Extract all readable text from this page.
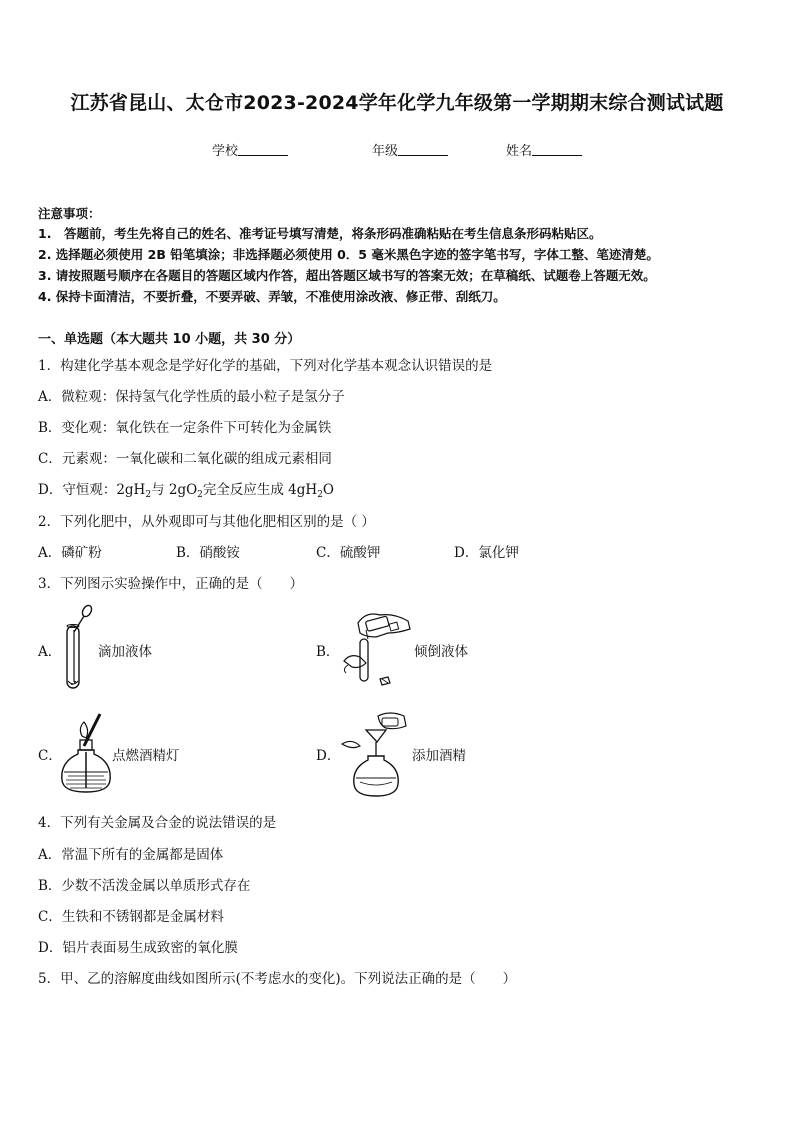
江苏省昆山、太仓市2023-2024学年化学九年级第一学期期末综合测试试题
学校	年级	姓名
注意事项：
1.　答题前，考生先将自己的姓名、准考证号填写清楚，将条形码准确粘贴在考生信息条形码粘贴区。
2. 选择题必须使用 2B 铅笔填涂；非选择题必须使用 0．5 毫米黑色字迹的签字笔书写，字体工整、笔迹清楚。
3. 请按照题号顺序在各题目的答题区域内作答，超出答题区域书写的答案无效；在草稿纸、试题卷上答题无效。
4. 保持卡面清洁，不要折叠，不要弄破、弄皱，不准使用涂改液、修正带、刮纸刀。
一、单选题（本大题共 10 小题，共 30 分）
1．构建化学基本观念是学好化学的基础，下列对化学基本观念认识错误的是
A．微粒观：保持氢气化学性质的最小粒子是氢分子
B．变化观：氧化铁在一定条件下可转化为金属铁
C．元素观：一氧化碳和二氧化碳的组成元素相同
D．守恒观：$2gH_2$与 $2gO_2$完全反应生成 $4gH_2O$
2．下列化肥中，从外观即可与其他化肥相区别的是（ ）
A．磷矿粉	B．硝酸铵	C．硫酸钾	D．氯化钾
3．下列图示实验操作中，正确的是（　　）
A．	滴加液体	B．	倾倒液体
C．	点燃酒精灯	D．	添加酒精
4．下列有关金属及合金的说法错误的是
A．常温下所有的金属都是固体
B．少数不活泼金属以单质形式存在
C．生铁和不锈钢都是金属材料
D．铝片表面易生成致密的氧化膜
5．甲、乙的溶解度曲线如图所示(不考虑水的变化)。下列说法正确的是（　　）
